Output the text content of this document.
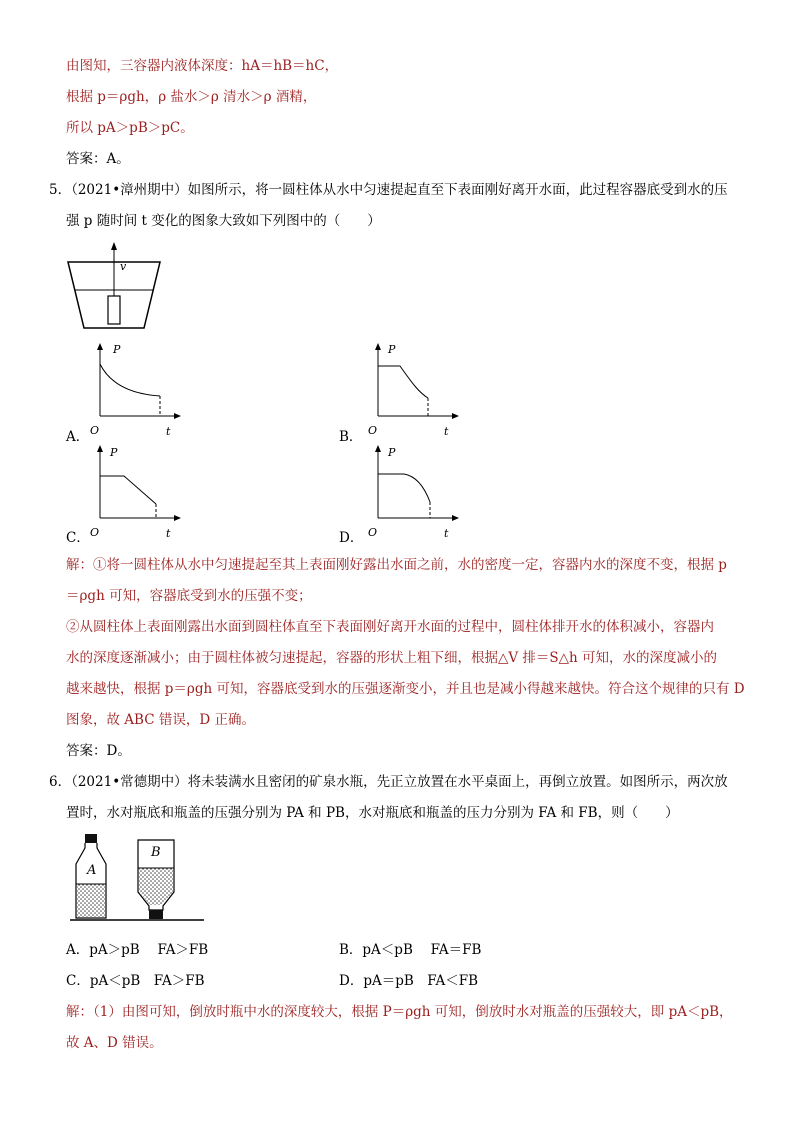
由图知，三容器内液体深度：hA＝hB＝hC，
根据 p＝ρgh，ρ 盐水＞ρ 清水＞ρ 酒精，
所以 pA＞pB＞pC。
答案：A。
5．（2021•漳州期中）如图所示，将一圆柱体从水中匀速提起直至下表面刚好离开水面，此过程容器底受到水的压
强 p 随时间 t 变化的图象大致如下列图中的（　　）
v
A．
P
O	t	B．
P
O	t
C．
P
O	t	D．
P
O	t
解：①将一圆柱体从水中匀速提起至其上表面刚好露出水面之前，水的密度一定，容器内水的深度不变，根据 p
＝ρgh 可知，容器底受到水的压强不变；
②从圆柱体上表面刚露出水面到圆柱体直至下表面刚好离开水面的过程中，圆柱体排开水的体积减小，容器内
水的深度逐渐减小；由于圆柱体被匀速提起，容器的形状上粗下细，根据△V 排＝S△h 可知，水的深度减小的
越来越快，根据 p＝ρgh 可知，容器底受到水的压强逐渐变小，并且也是减小得越来越快。符合这个规律的只有 D
图象，故 ABC 错误，D 正确。
答案：D。
6．（2021•常德期中）将未装满水且密闭的矿泉水瓶，先正立放置在水平桌面上，再倒立放置。如图所示，两次放
置时，水对瓶底和瓶盖的压强分别为 PA 和 PB，水对瓶底和瓶盖的压力分别为 FA 和 FB，则（　　）
A
B
A．pA＞pB　 FA＞FB	B．pA＜pB　 FA＝FB
C．pA＜pB　FA＞FB	D．pA＝pB　FA＜FB
解：（1）由图可知，倒放时瓶中水的深度较大，根据 P＝ρgh 可知，倒放时水对瓶盖的压强较大，即 pA＜pB，
故 A、D 错误。
